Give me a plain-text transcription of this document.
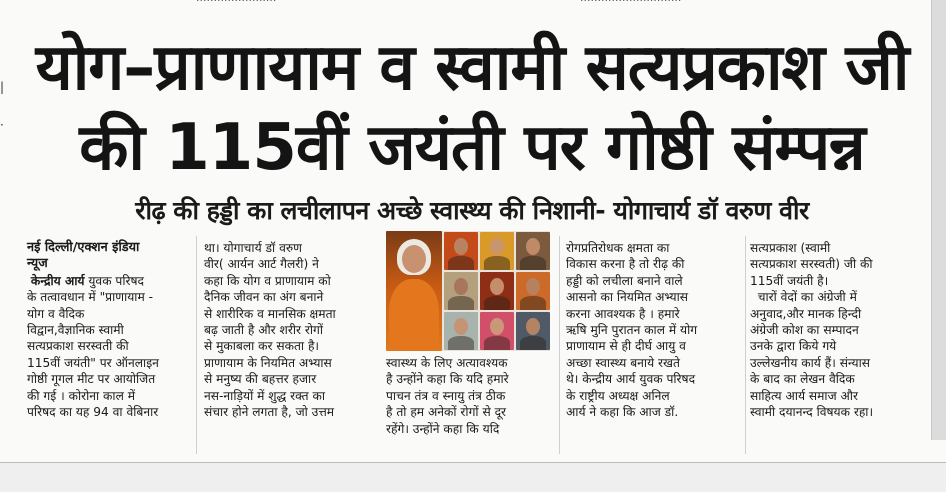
·······················	·····························
|
·
योग–प्राणायाम व स्वामी सत्यप्रकाश जी
की 115वीं जयंती पर गोष्ठी संम्पन्न
रीढ़ की हड्डी का लचीलापन अच्छे स्वास्थ्य की निशानी- योगाचार्य डॉ वरुण वीर

नई दिल्ली/एक्शन इंडिया

न्यूज

केन्द्रीय आर्य युवक परिषद

के तत्वावधान में "प्राणायाम -

योग व वैदिक

विद्वान,वैज्ञानिक स्वामी

सत्यप्रकाश सरस्वती की

115वीं जयंती" पर ऑनलाइन

गोष्ठी गूगल मीट पर आयोजित

की गई । कोरोना काल में

परिषद का यह 94 वा वेबिनार

था। योगाचार्य डॉ वरुण

वीर( आर्यन आर्ट गैलरी) ने

कहा कि योग व प्राणायाम को

दैनिक जीवन का अंग बनाने

से शारीरिक व मानसिक क्षमता

बढ़ जाती है और शरीर रोगों

से मुकाबला कर सकता है।

प्राणायाम के नियमित अभ्यास

से मनुष्य की बहत्तर हजार

नस-नाड़ियों में शुद्ध रक्त का

संचार होने लगता है, जो उत्तम

स्वास्थ्य के लिए अत्यावश्यक

है उन्होंने कहा कि यदि हमारे

पाचन तंत्र व स्नायु तंत्र ठीक

है तो हम अनेकों रोगों से दूर

रहेंगे। उन्होंने कहा कि यदि

रोगप्रतिरोधक क्षमता का

विकास करना है तो रीढ़ की

हड्डी को लचीला बनाने वाले

आसनो का नियमित अभ्यास

करना आवश्यक है । हमारे

ऋषि मुनि पुरातन काल में योग

प्राणायाम से ही दीर्घ आयु व

अच्छा स्वास्थ्य बनाये रखते

थे। केन्द्रीय आर्य युवक परिषद

के राष्ट्रीय अध्यक्ष अनिल

आर्य ने कहा कि आज डॉ.

सत्यप्रकाश (स्वामी

सत्यप्रकाश सरस्वती) जी की

115वीं जयंती है।

चारों वेदों का अंग्रेजी में

अनुवाद,और मानक हिन्दी

अंग्रेजी कोश का सम्पादन

उनके द्वारा किये गये

उल्लेखनीय कार्य हैं। संन्यास

के बाद का लेखन वैदिक

साहित्य आर्य समाज और

स्वामी दयानन्द विषयक रहा।
